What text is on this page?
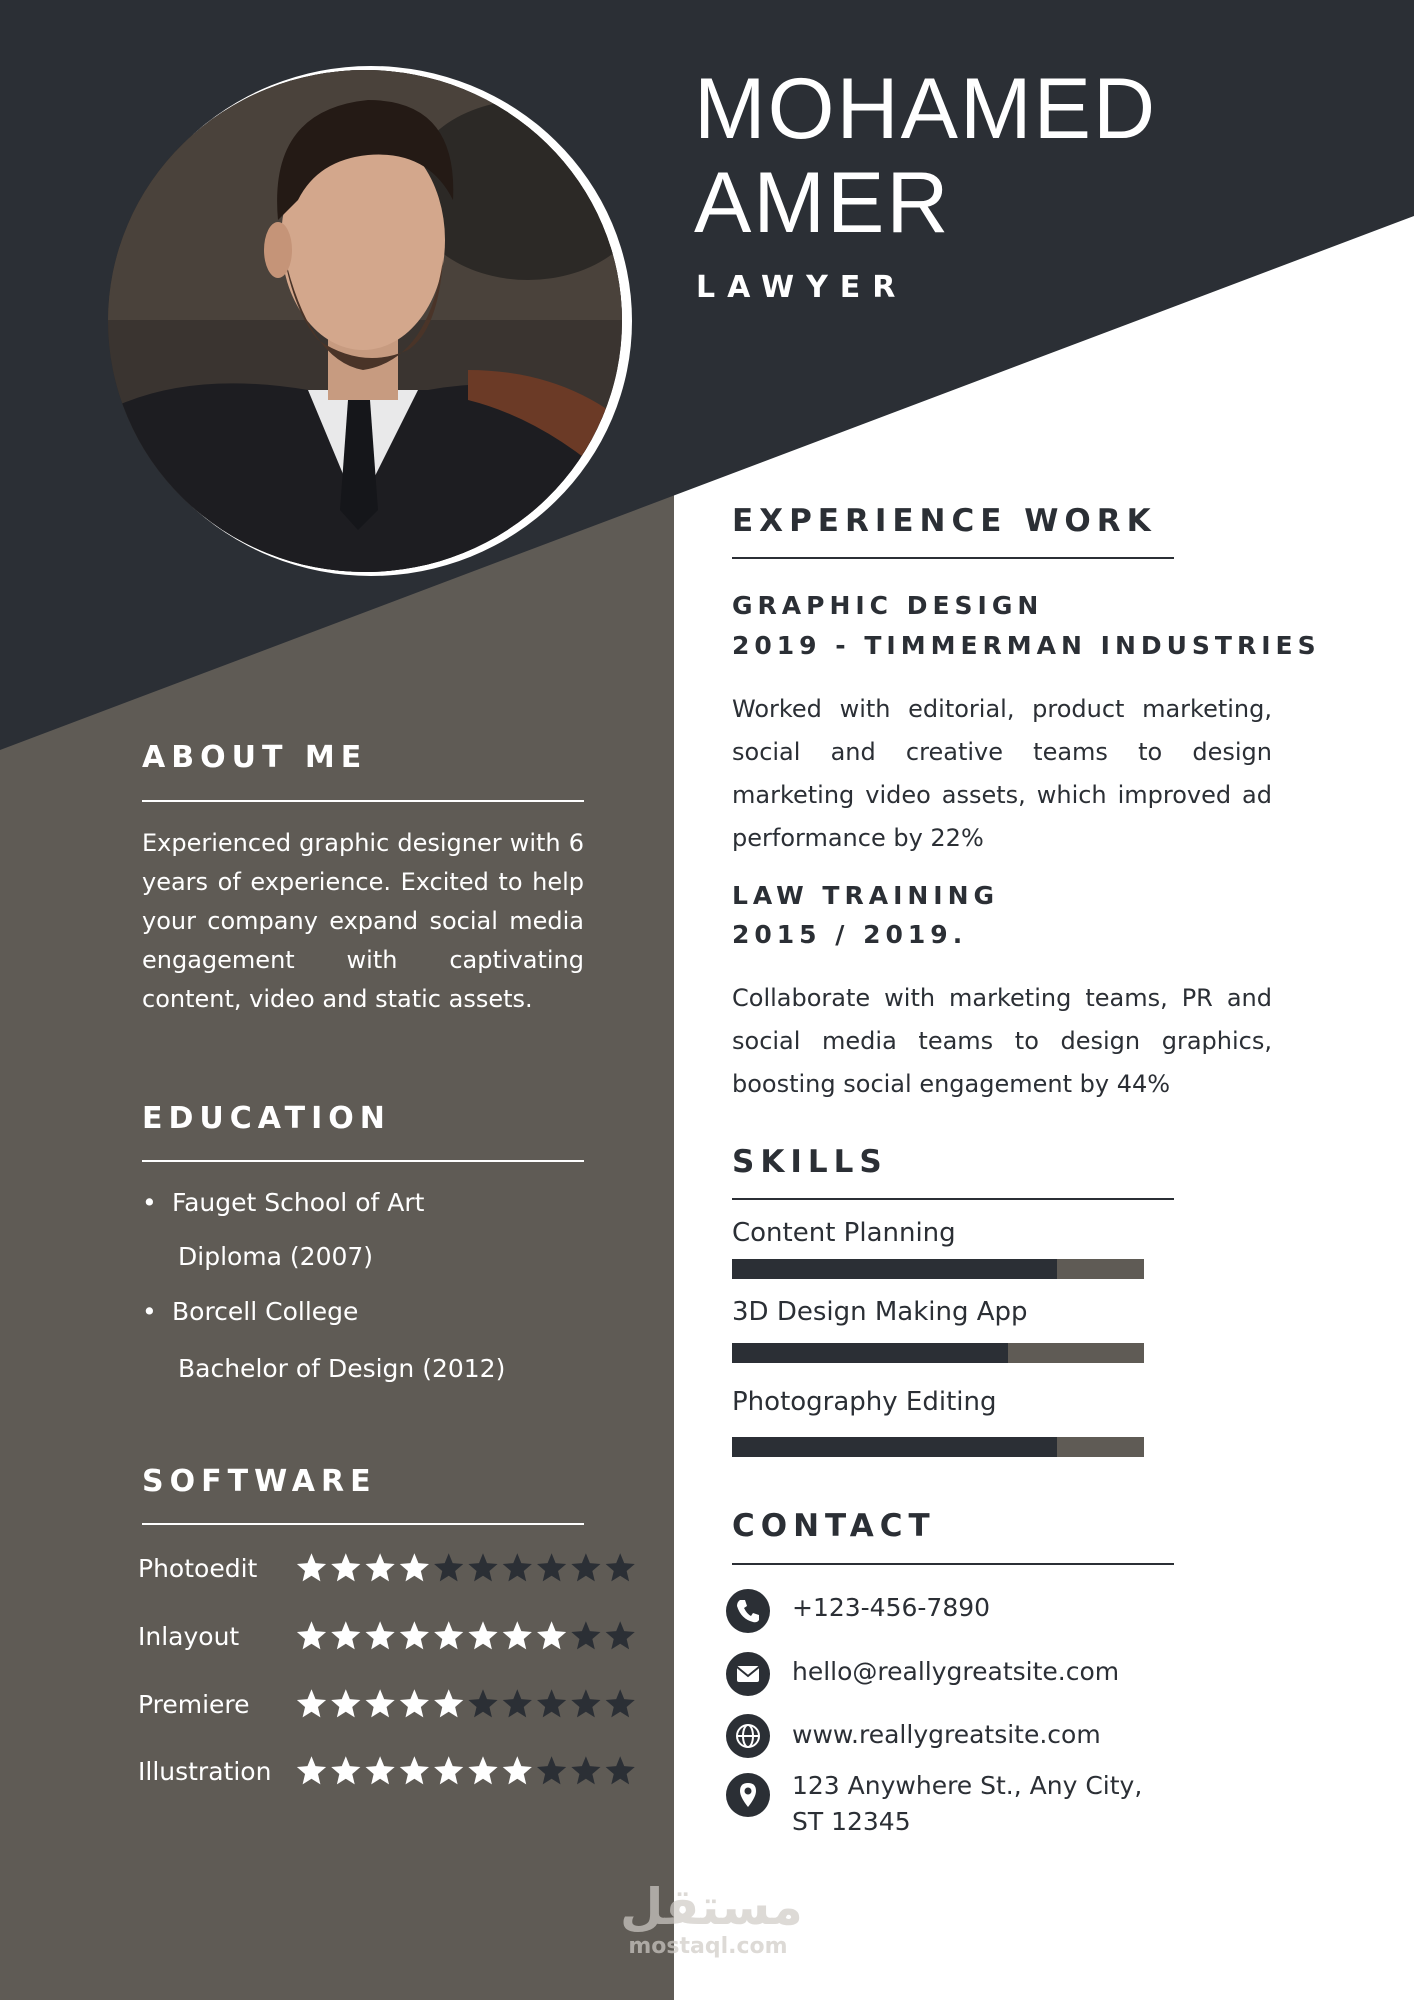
MOHAMED
AMER
LAWYER
ABOUT ME
Experienced graphic designer with 6 years of experience. Excited to help your company expand social media engagement with captivating content, video and static assets.
EDUCATION
• Fauget School of Art
Diploma (2007)
• Borcell College
Bachelor of Design (2012)
SOFTWARE
Photoedit
Inlayout
Premiere
Illustration
EXPERIENCE WORK
GRAPHIC DESIGN
2019 - TIMMERMAN INDUSTRIES
Worked with editorial, product marketing, social and creative teams to design marketing video assets, which improved ad performance by 22%
LAW TRAINING
2015 / 2019.
Collaborate with marketing teams, PR and social media teams to design graphics, boosting social engagement by 44%
SKILLS
Content Planning
3D Design Making App
Photography Editing
CONTACT
+123-456-7890
hello@reallygreatsite.com
www.reallygreatsite.com
123 Anywhere St., Any City,
ST 12345
مستقل
mostaql.com
